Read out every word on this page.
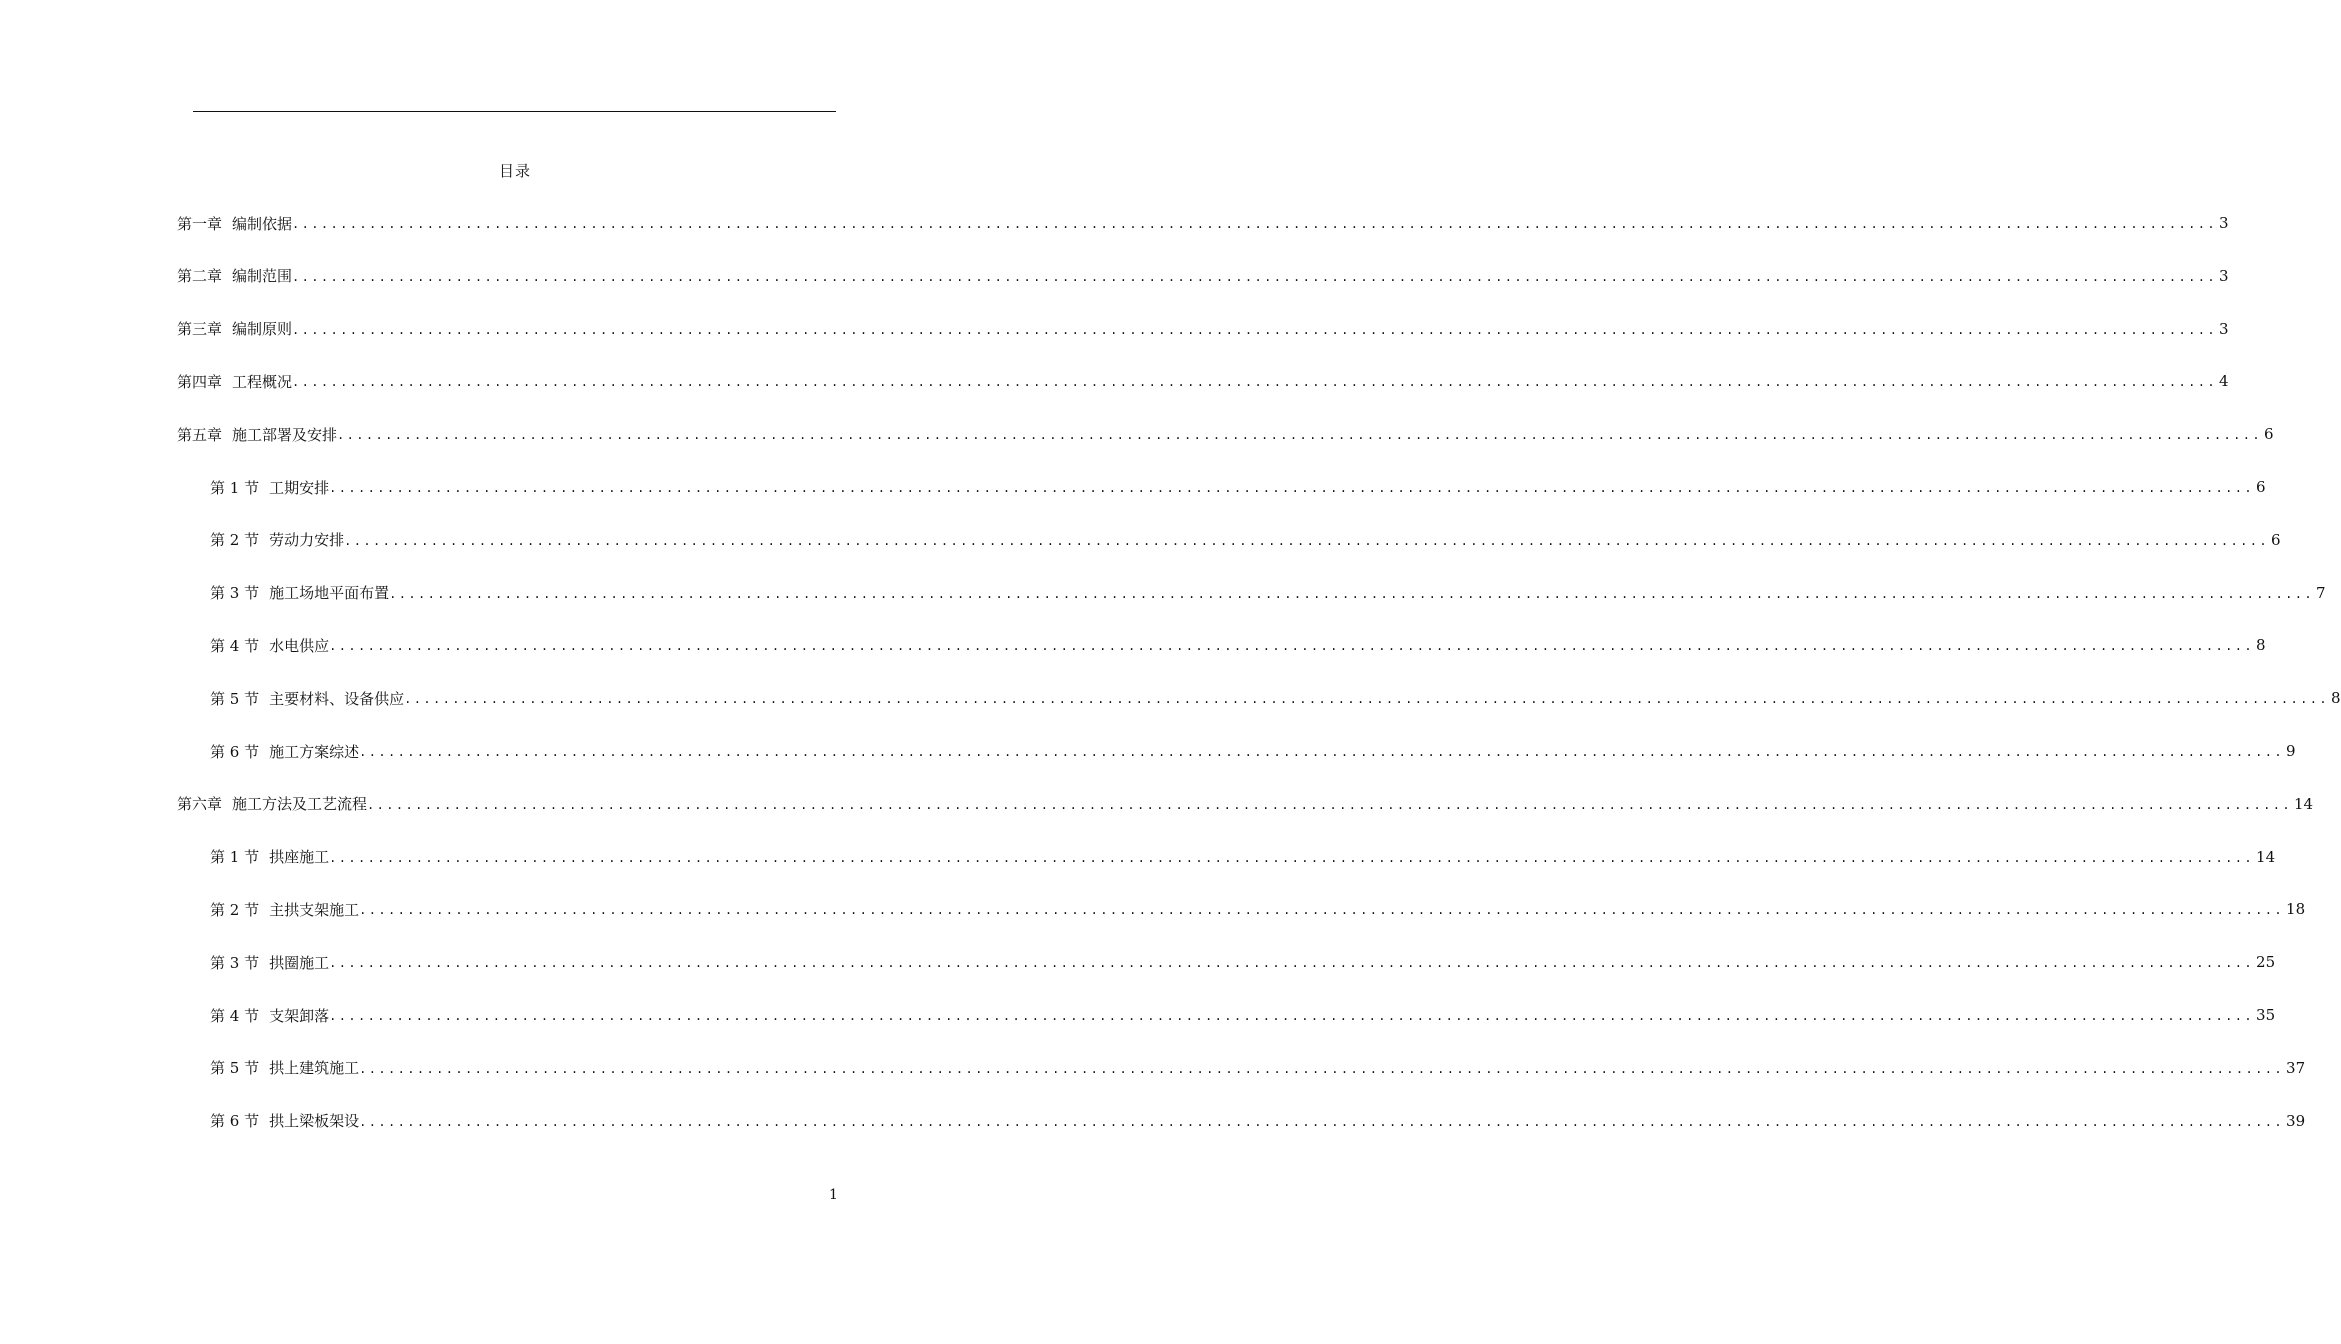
目录
第一章 编制依据 ........................................................................................................................................................................................................ 3
第二章 编制范围 ........................................................................................................................................................................................................ 3
第三章 编制原则 ........................................................................................................................................................................................................ 3
第四章 工程概况 ........................................................................................................................................................................................................ 4
第五章 施工部署及安排 ........................................................................................................................................................................................................ 6
第 1 节 工期安排 ........................................................................................................................................................................................................ 6
第 2 节 劳动力安排 ........................................................................................................................................................................................................ 6
第 3 节 施工场地平面布置 ........................................................................................................................................................................................................ 7
第 4 节 水电供应 ........................................................................................................................................................................................................ 8
第 5 节 主要材料、设备供应 ........................................................................................................................................................................................................ 8
第 6 节 施工方案综述 ........................................................................................................................................................................................................ 9
第六章 施工方法及工艺流程 ........................................................................................................................................................................................................ 14
第 1 节 拱座施工 ........................................................................................................................................................................................................ 14
第 2 节 主拱支架施工 ........................................................................................................................................................................................................ 18
第 3 节 拱圈施工 ........................................................................................................................................................................................................ 25
第 4 节 支架卸落 ........................................................................................................................................................................................................ 35
第 5 节 拱上建筑施工 ........................................................................................................................................................................................................ 37
第 6 节 拱上梁板架设 ........................................................................................................................................................................................................ 39
1
